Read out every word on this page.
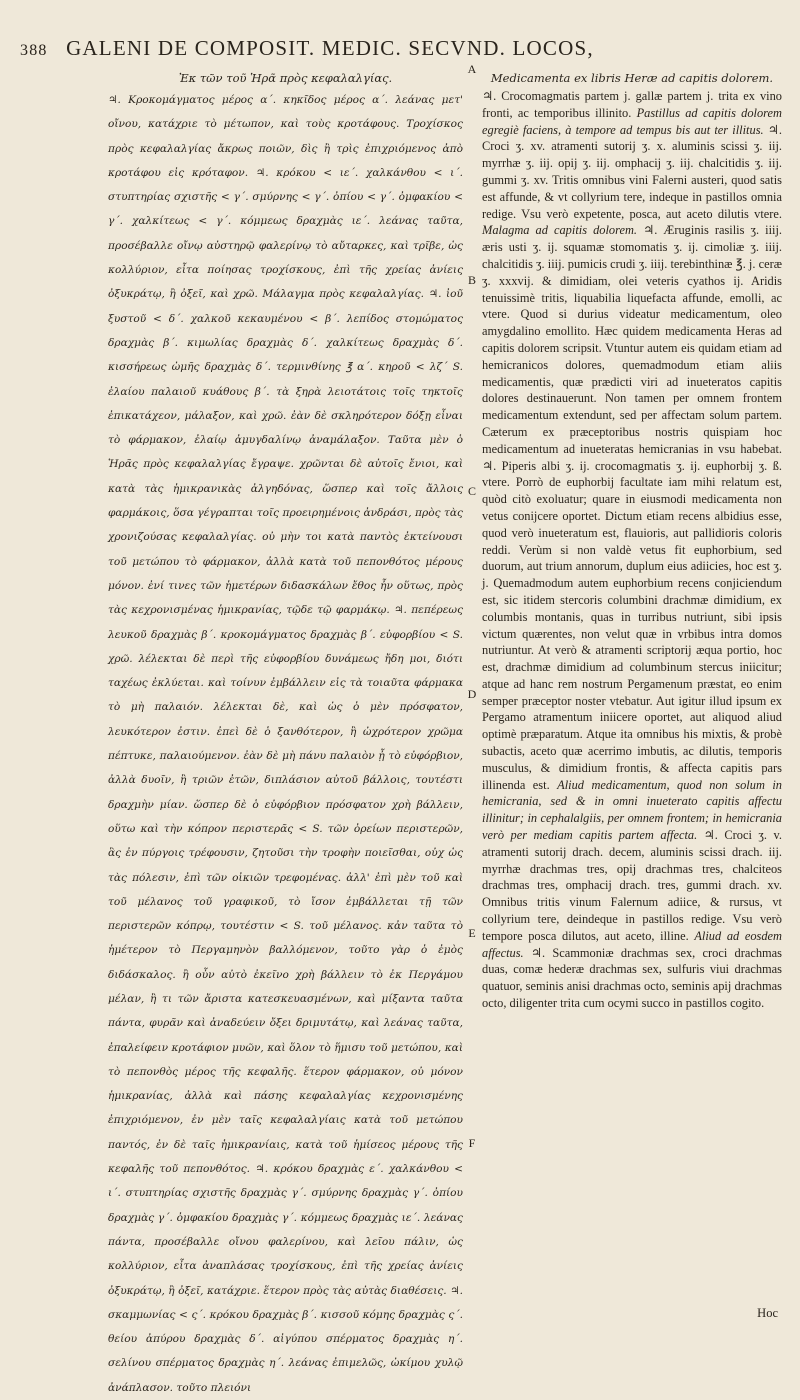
388 GALENI DE COMPOSIT. MEDIC. SECVND. LOCOS,
Ἐκ τῶν τοῦ Ἡρᾶ πρὸς κεφαλαλγίας.

♃. Κροκομάγματος μέρος α΄. κηκῖδος μέρος α΄. λεάνας μετ' οἴνου, κατάχριε τὸ μέτωπον, καὶ τοὺς κροτάφους. Τροχίσκος πρὸς κεφαλαλγίας ἄκρως ποιῶν, δὶς ἢ τρὶς ἐπιχριόμενος ἀπὸ κροτάφου εἰς κρόταφον. ♃. κρόκου < ιε΄. χαλκάνθου < ι΄. στυπτηρίας σχιστῆς < γ΄. σμύρνης < γ΄. ὀπίου < γ΄. ὀμφακίου < γ΄. χαλκίτεως < γ΄. κόμμεως δραχμὰς ιε΄. λεάνας ταῦτα, προσέβαλλε οἴνῳ αὐστηρῷ φαλερίνῳ τὸ αὔταρκες, καὶ τρῖβε, ὡς κολλύριον, εἶτα ποίησας τροχίσκους, ἐπὶ τῆς χρείας ἀνίεις ὀξυκράτῳ, ἢ ὀξεῖ, καὶ χρῶ. Μάλαγμα πρὸς κεφαλαλγίας. ♃. ἰοῦ ξυστοῦ < δ΄. χαλκοῦ κεκαυμένου < β΄. λεπίδος στομώματος δραχμὰς β΄. κιμωλίας δραχμὰς δ΄. χαλκίτεως δραχμὰς δ΄. κισσήρεως ὠμῆς δραχμὰς δ΄. τερμινθίνης ℥ α΄. κηροῦ < λζ΄ S. ἐλαίου παλαιοῦ κυάθους β΄. τὰ ξηρὰ λειοτάτοις τοῖς τηκτοῖς ἐπικατάχεον, μάλαξον, καὶ χρῶ. ἐὰν δὲ σκληρότερον δόξῃ εἶναι τὸ φάρμακον, ἐλαίῳ ἀμυγδαλίνῳ ἀναμάλαξον. Ταῦτα μὲν ὁ Ἡρᾶς πρὸς κεφαλαλγίας ἔγραψε. χρῶνται δὲ αὐτοῖς ἔνιοι, καὶ κατὰ τὰς ἡμικρανικὰς ἀλγηδόνας, ὥσπερ καὶ τοῖς ἄλλοις φαρμάκοις, ὅσα γέγραπται τοῖς προειρημένοις ἀνδράσι, πρὸς τὰς χρονιζούσας κεφαλαλγίας. οὐ μὴν τοι κατὰ παντὸς ἐκτείνουσι τοῦ μετώπου τὸ φάρμακον, ἀλλὰ κατὰ τοῦ πεπονθότος μέρους μόνον. ἐνί τινες τῶν ἡμετέρων διδασκάλων ἔθος ἦν οὕτως, πρὸς τὰς κεχρονισμένας ἡμικρανίας, τῷδε τῷ φαρμάκῳ. ♃. πεπέρεως λευκοῦ δραχμὰς β΄. κροκομάγματος δραχμὰς β΄. εὐφορβίου < S. χρῶ. λέλεκται δὲ περὶ τῆς εὐφορβίου δυνάμεως ἤδη μοι, διότι ταχέως ἐκλύεται. καὶ τοίνυν ἐμβάλλειν εἰς τὰ τοιαῦτα φάρμακα τὸ μὴ παλαιόν. λέλεκται δὲ, καὶ ὡς ὁ μὲν πρόσφατον, λευκότερον ἐστιν. ἐπεὶ δὲ ὁ ξανθότερον, ἢ ὠχρότερον χρῶμα πέπτυκε, παλαιούμενον. ἐὰν δὲ μὴ πάνυ παλαιὸν ᾖ τὸ εὐφόρβιον, ἀλλὰ δυοῖν, ἢ τριῶν ἐτῶν, διπλάσιον αὐτοῦ βάλλοις, τουτέστι δραχμὴν μίαν. ὥσπερ δὲ ὁ εὐφόρβιον πρόσφατον χρὴ βάλλειν, οὕτω καὶ τὴν κόπρον περιστερᾶς < S. τῶν ὀρείων περιστερῶν, ἃς ἐν πύργοις τρέφουσιν, ζητοῦσι τὴν τροφὴν ποιεῖσθαι, οὐχ ὡς τὰς πόλεσιν, ἐπὶ τῶν οἰκιῶν τρεφομένας. ἀλλ' ἐπὶ μὲν τοῦ καὶ τοῦ μέλανος τοῦ γραφικοῦ, τὸ ἴσον ἐμβάλλεται τῇ τῶν περιστερῶν κόπρῳ, τουτέστιν < S. τοῦ μέλανος. κἀν ταῦτα τὸ ἡμέτερον τὸ Περγαμηνὸν βαλλόμενον, τοῦτο γὰρ ὁ ἐμὸς διδάσκαλος. ἢ οὖν αὐτὸ ἐκεῖνο χρὴ βάλλειν τὸ ἐκ Περγάμου μέλαν, ἢ τι τῶν ἄριστα κατεσκευασμένων, καὶ μίξαντα ταῦτα πάντα, φυρᾶν καὶ ἀναδεύειν ὄξει δριμυτάτῳ, καὶ λεάνας ταῦτα, ἐπαλείφειν κροτάφιον μυῶν, καὶ ὅλον τὸ ἥμισυ τοῦ μετώπου, καὶ τὸ πεπονθὸς μέρος τῆς κεφαλῆς. ἕτερον φάρμακον, οὐ μόνον ἡμικρανίας, ἀλλὰ καὶ πάσης κεφαλαλγίας κεχρονισμένης ἐπιχριόμενον, ἐν μὲν ταῖς κεφαλαλγίαις κατὰ τοῦ μετώπου παντός, ἐν δὲ ταῖς ἡμικρανίαις, κατὰ τοῦ ἡμίσεος μέρους τῆς κεφαλῆς τοῦ πεπονθότος. ♃. κρόκου δραχμὰς ε΄. χαλκάνθου < ι΄. στυπτηρίας σχιστῆς δραχμὰς γ΄. σμύρνης δραχμὰς γ΄. ὀπίου δραχμὰς γ΄. ὀμφακίου δραχμὰς γ΄. κόμμεως δραχμὰς ιε΄. λεάνας πάντα, προσέβαλλε οἴνου φαλερίνου, καὶ λεῖου πάλιν, ὡς κολλύριον, εἶτα ἀναπλάσας τροχίσκους, ἐπὶ τῆς χρείας ἀνίεις ὀξυκράτῳ, ἢ ὀξεῖ, κατάχριε. ἕτερον πρὸς τὰς αὐτὰς διαθέσεις. ♃. σκαμμωνίας < ς΄. κρόκου δραχμὰς β΄. κισσοῦ κόμης δραχμὰς ς΄. θείου ἀπύρου δραχμὰς δ΄. αἰγύπου σπέρματος δραχμὰς η΄. σελίνου σπέρματος δραχμὰς η΄. λεάνας ἐπιμελῶς, ὠκίμου χυλῷ ἀνάπλασον. τοῦτο πλειόνι

Medicamenta ex libris Heræ ad capitis dolorem.

♃. Crocomagmatis partem j. gallæ partem j. trita ex vino fronti, ac temporibus illinito. Pastillus ad capitis dolorem egregiè faciens, à tempore ad tempus bis aut ter illitus. ♃. Croci ʒ. xv. atramenti sutorij ʒ. x. aluminis scissi ʒ. iij. myrrhæ ʒ. iij. opij ʒ. iij. omphacij ʒ. iij. chalcitidis ʒ. iij. gummi ʒ. xv. Tritis omnibus vini Falerni austeri, quod satis est affunde, & vt collyrium tere, indeque in pastillos omnia redige. Vsu verò expetente, posca, aut aceto dilutis vtere. Malagma ad capitis dolorem. ♃. Æruginis rasilis ʒ. iiij. æris usti ʒ. ij. squamæ stomomatis ʒ. ij. cimoliæ ʒ. iiij. chalcitidis ʒ. iiij. pumicis crudi ʒ. iiij. terebinthinæ ℥. j. ceræ ʒ. xxxvij. & dimidiam, olei veteris cyathos ij. Aridis tenuissimè tritis, liquabilia liquefacta affunde, emolli, ac vtere. Quod si durius videatur medicamentum, oleo amygdalino emollito. Hæc quidem medicamenta Heras ad capitis dolorem scripsit. Vtuntur autem eis quidam etiam ad hemicranicos dolores, quemadmodum etiam aliis medicamentis, quæ prædicti viri ad inueteratos capitis dolores destinauerunt. Non tamen per omnem frontem medicamentum extendunt, sed per affectam solum partem. Cæterum ex præceptoribus nostris quispiam hoc medicamentum ad inueteratas hemicranias in vsu habebat. ♃. Piperis albi ʒ. ij. crocomagmatis ʒ. ij. euphorbij ʒ. ß. vtere. Porrò de euphorbij facultate iam mihi relatum est, quòd citò exoluatur; quare in eiusmodi medicamenta non vetus conijcere oportet. Dictum etiam recens albidius esse, quod verò inueteratum est, flauioris, aut pallidioris coloris reddi. Verùm si non valdè vetus fit euphorbium, sed duorum, aut trium annorum, duplum eius adiicies, hoc est ʒ. j. Quemadmodum autem euphorbium recens conjiciendum est, sic itidem stercoris columbini drachmæ dimidium, ex columbis montanis, quas in turribus nutriunt, sibi ipsis victum quærentes, non velut quæ in vrbibus intra domos nutriuntur. At verò & atramenti scriptorij æqua portio, hoc est, drachmæ dimidium ad columbinum stercus iniicitur; atque ad hanc rem nostrum Pergamenum præstat, eo enim semper præceptor noster vtebatur. Aut igitur illud ipsum ex Pergamo atramentum iniicere oportet, aut aliquod aliud optimè præparatum. Atque ita omnibus his mixtis, & probè subactis, aceto quæ acerrimo imbutis, ac dilutis, temporis musculus, & dimidium frontis, & affecta capitis pars illinenda est. Aliud medicamentum, quod non solum in hemicrania, sed & in omni inueterato capitis affectu illinitur; in cephalalgiis, per omnem frontem; in hemicrania verò per mediam capitis partem affecta. ♃. Croci ʒ. v. atramenti sutorij drach. decem, aluminis scissi drach. iij. myrrhæ drachmas tres, opij drachmas tres, chalciteos drachmas tres, omphacij drach. tres, gummi drach. xv. Omnibus tritis vinum Falernum adiice, & rursus, vt collyrium tere, deindeque in pastillos redige. Vsu verò tempore posca dilutos, aut aceto, illine. Aliud ad eosdem affectus. ♃. Scammoniæ drachmas sex, croci drachmas duas, comæ hederæ drachmas sex, sulfuris viui drachmas quatuor, seminis anisi drachmas octo, seminis apij drachmas octo, diligenter trita cum ocymi succo in pastillos cogito.

A
B
C
D
E
F
Hoc
